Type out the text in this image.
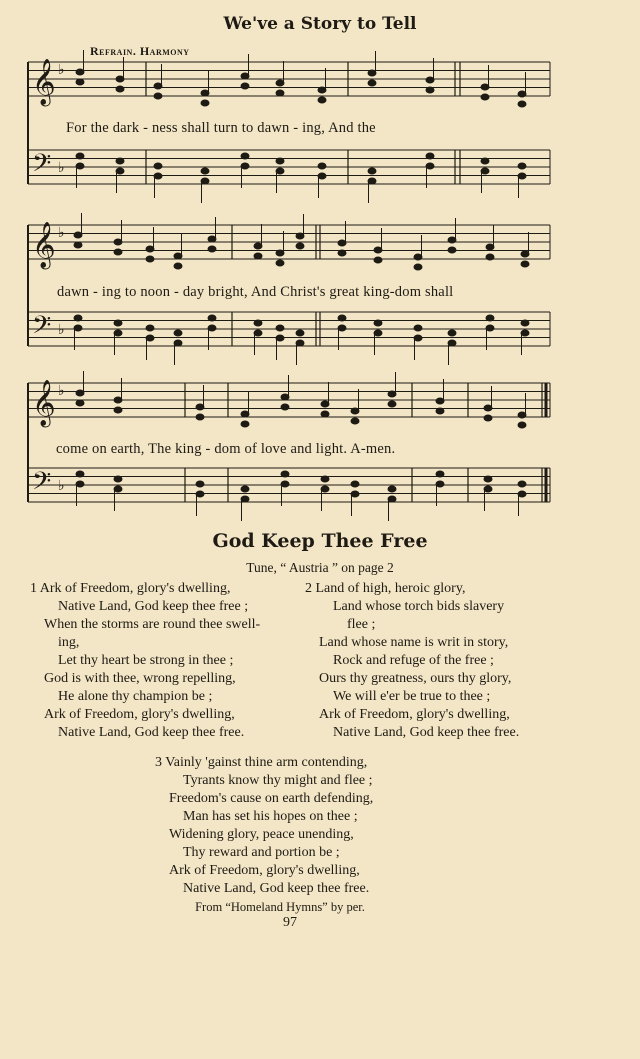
We've a Story to Tell
Refrain. Harmony
𝄞
𝄢
♭
♭
𝄞
𝄢
♭
♭
𝄞
𝄢
♭
♭
For the dark - ness shall turn to dawn - ing, And the
dawn - ing to noon - day bright, And Christ's great king-dom shall
come on earth, The king - dom of love and light. A-men.
God Keep Thee Free
Tune, “ Austria ” on page 2
1 Ark of Freedom, glory's dwelling,
Native Land, God keep thee free ;
When the storms are round thee swell-
ing,
Let thy heart be strong in thee ;
God is with thee, wrong repelling,
He alone thy champion be ;
Ark of Freedom, glory's dwelling,
Native Land, God keep thee free.
2 Land of high, heroic glory,
Land whose torch bids slavery
flee ;
Land whose name is writ in story,
Rock and refuge of the free ;
Ours thy greatness, ours thy glory,
We will e'er be true to thee ;
Ark of Freedom, glory's dwelling,
Native Land, God keep thee free.
3 Vainly 'gainst thine arm contending,
Tyrants know thy might and flee ;
Freedom's cause on earth defending,
Man has set his hopes on thee ;
Widening glory, peace unending,
Thy reward and portion be ;
Ark of Freedom, glory's dwelling,
Native Land, God keep thee free.
From “Homeland Hymns” by per.
97
